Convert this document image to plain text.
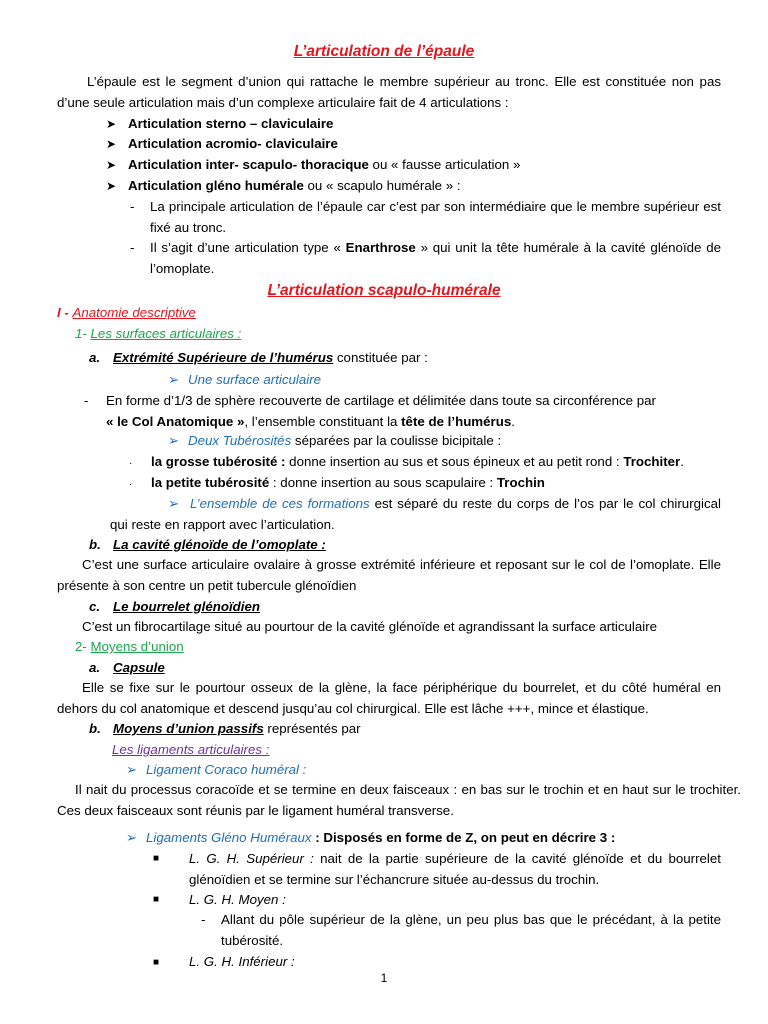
L’articulation de l’épaule
L’épaule est le segment d’union qui rattache le membre supérieur au tronc. Elle est constituée non pas d’une seule articulation mais d’un complexe articulaire fait de 4 articulations :
➤ Articulation sterno – claviculaire
➤ Articulation acromio- claviculaire
➤ Articulation inter- scapulo- thoracique ou « fausse articulation »
➤ Articulation gléno humérale ou « scapulo humérale » :
- La principale articulation de l’épaule car c’est par son intermédiaire que le membre supérieur est fixé au tronc.
- Il s’agit d’une articulation type « Enarthrose » qui unit la tête humérale à la cavité glénoïde de l’omoplate.
L’articulation scapulo-humérale
I - Anatomie descriptive
1- Les surfaces articulaires :
a. Extrémité Supérieure de l’humérus constituée par :
➢ Une surface articulaire
- En forme d’1/3 de sphère recouverte de cartilage et délimitée dans toute sa circonférence par
« le Col Anatomique », l’ensemble constituant la tête de l’humérus.
➢ Deux Tubérosités séparées par la coulisse bicipitale :
· la grosse tubérosité : donne insertion au sus et sous épineux et au petit rond : Trochiter.
· la petite tubérosité : donne insertion au sous scapulaire : Trochin
➢ L’ensemble de ces formations est séparé du reste du corps de l’os par le col chirurgical qui reste en rapport avec l’articulation.
b. La cavité glénoïde de l’omoplate :
C’est une surface articulaire ovalaire à grosse extrémité inférieure et reposant sur le col de l’omoplate. Elle présente à son centre un petit tubercule glénoïdien
c. Le bourrelet glénoïdien
C’est un fibrocartilage situé au pourtour de la cavité glénoïde et agrandissant la surface articulaire
2- Moyens d’union
a. Capsule
Elle se fixe sur le pourtour osseux de la glène, la face périphérique du bourrelet, et du côté huméral en dehors du col anatomique et descend jusqu’au col chirurgical. Elle est lâche +++, mince et élastique.
b. Moyens d’union passifs représentés par
Les ligaments articulaires :
➢ Ligament Coraco huméral :
Il nait du processus coracoïde et se termine en deux faisceaux : en bas sur le trochin et en haut sur le trochiter. Ces deux faisceaux sont réunis par le ligament huméral transverse.
➢ Ligaments Gléno Huméraux : Disposés en forme de Z, on peut en décrire 3 :
■ L. G. H. Supérieur : nait de la partie supérieure de la cavité glénoïde et du bourrelet glénoïdien et se termine sur l’échancrure située au-dessus du trochin.
■ L. G. H. Moyen :
- Allant du pôle supérieur de la glène, un peu plus bas que le précédant, à la petite tubérosité.
■ L. G. H. Inférieur :
1
